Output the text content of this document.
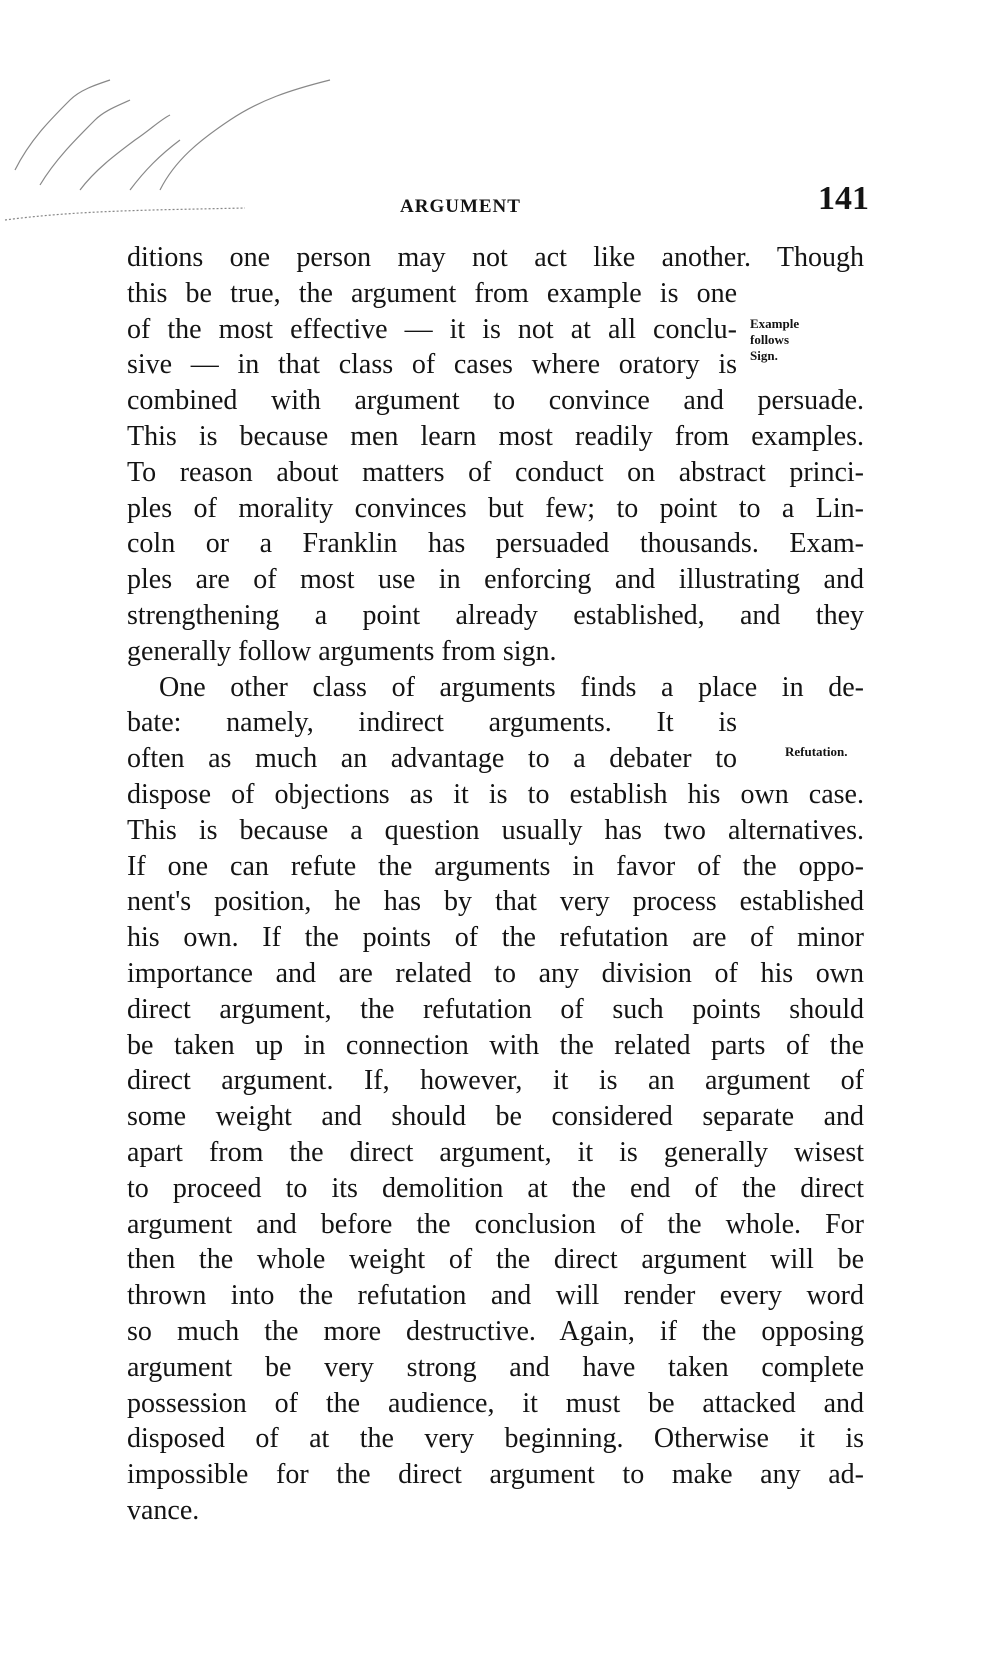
ARGUMENT	141
Example
follows
Sign.
Refutation.
ditions one person may not act like another. Though
this be true, the argument from example is one
of the most effective — it is not at all conclu-
sive — in that class of cases where oratory is
combined with argument to convince and persuade.
This is because men learn most readily from examples.
To reason about matters of conduct on abstract princi-
ples of morality convinces but few; to point to a Lin-
coln or a Franklin has persuaded thousands. Exam-
ples are of most use in enforcing and illustrating and
strengthening a point already established, and they
generally follow arguments from sign.
One other class of arguments finds a place in de-
bate: namely, indirect arguments. It is
often as much an advantage to a debater to
dispose of objections as it is to establish his own case.
This is because a question usually has two alternatives.
If one can refute the arguments in favor of the oppo-
nent's position, he has by that very process established
his own. If the points of the refutation are of minor
importance and are related to any division of his own
direct argument, the refutation of such points should
be taken up in connection with the related parts of the
direct argument. If, however, it is an argument of
some weight and should be considered separate and
apart from the direct argument, it is generally wisest
to proceed to its demolition at the end of the direct
argument and before the conclusion of the whole. For
then the whole weight of the direct argument will be
thrown into the refutation and will render every word
so much the more destructive. Again, if the opposing
argument be very strong and have taken complete
possession of the audience, it must be attacked and
disposed of at the very beginning. Otherwise it is
impossible for the direct argument to make any ad-
vance.
